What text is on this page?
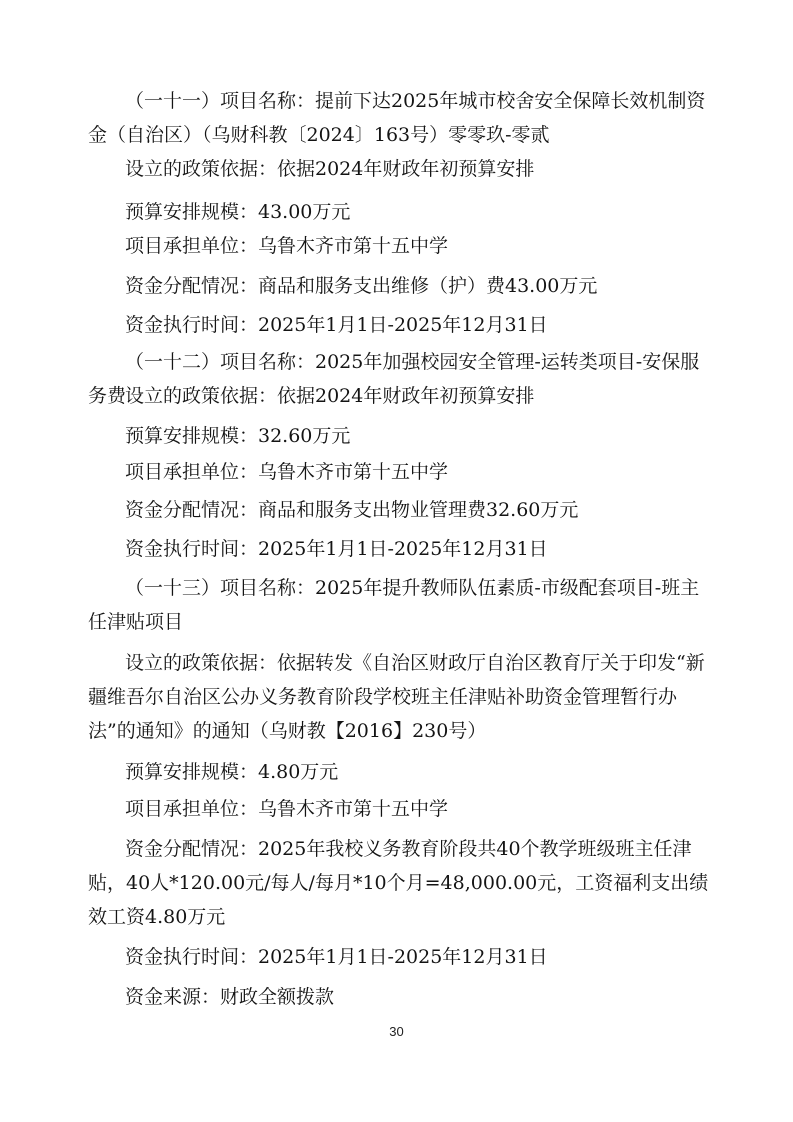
（一十一）项目名称：提前下达2025年城市校舍安全保障长效机制资金（自治区）（乌财科教〔2024〕163号）零零玖-零贰

设立的政策依据：依据2024年财政年初预算安排

预算安排规模：43.00万元

项目承担单位：乌鲁木齐市第十五中学

资金分配情况：商品和服务支出维修（护）费43.00万元

资金执行时间：2025年1月1日-2025年12月31日

（一十二）项目名称：2025年加强校园安全管理-运转类项目-安保服务费

设立的政策依据：依据2024年财政年初预算安排

预算安排规模：32.60万元

项目承担单位：乌鲁木齐市第十五中学

资金分配情况：商品和服务支出物业管理费32.60万元

资金执行时间：2025年1月1日-2025年12月31日

（一十三）项目名称：2025年提升教师队伍素质-市级配套项目-班主任津贴项目

设立的政策依据：依据转发《自治区财政厅自治区教育厅关于印发“新疆维吾尔自治区公办义务教育阶段学校班主任津贴补助资金管理暂行办法”的通知》的通知（乌财教【2016】230号）

预算安排规模：4.80万元

项目承担单位：乌鲁木齐市第十五中学

资金分配情况：2025年我校义务教育阶段共40个教学班级班主任津贴，40人*120.00元/每人/每月*10个月=48,000.00元，工资福利支出绩效工资4.80万元

资金执行时间：2025年1月1日-2025年12月31日

资金来源：财政全额拨款

30
